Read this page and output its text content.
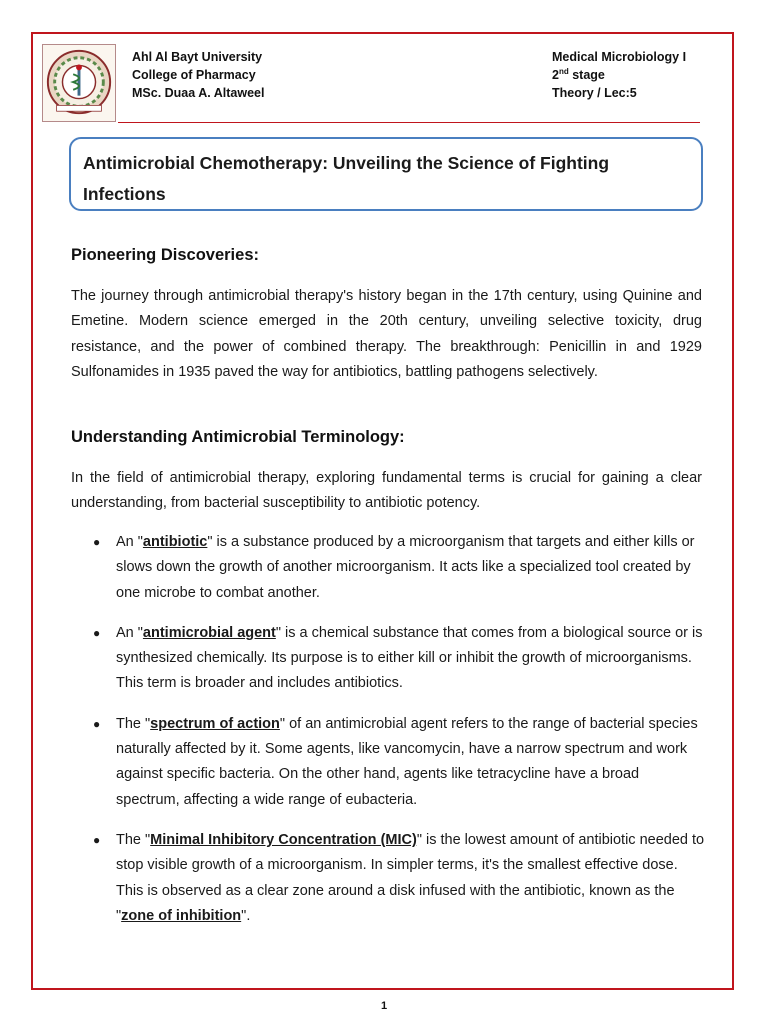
Ahl Al Bayt University
College of Pharmacy
MSc. Duaa A. Altaweel
Medical Microbiology I
2nd stage
Theory / Lec:5
Antimicrobial Chemotherapy: Unveiling the Science of Fighting Infections
Pioneering Discoveries:
The journey through antimicrobial therapy's history began in the 17th century, using Quinine and Emetine. Modern science emerged in the 20th century, unveiling selective toxicity, drug resistance, and the power of combined therapy. The breakthrough: Penicillin in and 1929 Sulfonamides in 1935 paved the way for antibiotics, battling pathogens selectively.
Understanding Antimicrobial Terminology:
In the field of antimicrobial therapy, exploring fundamental terms is crucial for gaining a clear understanding, from bacterial susceptibility to antibiotic potency.
● An "antibiotic" is a substance produced by a microorganism that targets and either kills or slows down the growth of another microorganism. It acts like a specialized tool created by one microbe to combat another.
● An "antimicrobial agent" is a chemical substance that comes from a biological source or is synthesized chemically. Its purpose is to either kill or inhibit the growth of microorganisms. This term is broader and includes antibiotics.
● The "spectrum of action" of an antimicrobial agent refers to the range of bacterial species naturally affected by it. Some agents, like vancomycin, have a narrow spectrum and work against specific bacteria. On the other hand, agents like tetracycline have a broad spectrum, affecting a wide range of eubacteria.
● The "Minimal Inhibitory Concentration (MIC)" is the lowest amount of antibiotic needed to stop visible growth of a microorganism. In simpler terms, it's the smallest effective dose. This is observed as a clear zone around a disk infused with the antibiotic, known as the "zone of inhibition".
1
